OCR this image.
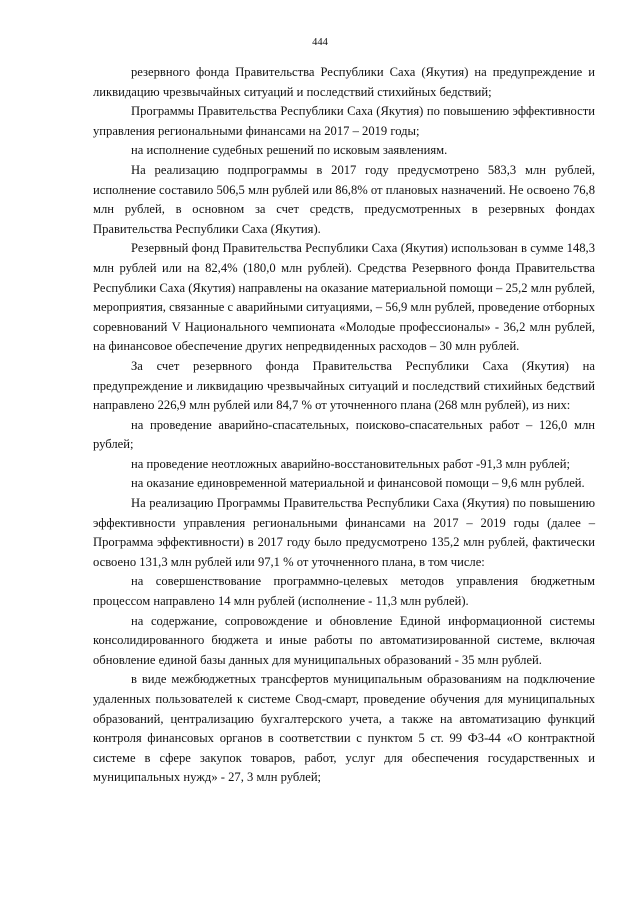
444

резервного фонда Правительства Республики Саха (Якутия) на предупреждение и ликвидацию чрезвычайных ситуаций и последствий стихийных бедствий;

Программы Правительства Республики Саха (Якутия) по повышению эффективности управления региональными финансами на 2017 – 2019 годы;

на исполнение судебных решений по исковым заявлениям.

На реализацию подпрограммы в 2017 году предусмотрено 583,3 млн рублей, исполнение составило 506,5 млн рублей или 86,8% от плановых назначений. Не освоено 76,8 млн рублей, в основном за счет средств, предусмотренных в резервных фондах Правительства Республики Саха (Якутия).

Резервный фонд Правительства Республики Саха (Якутия) использован в сумме 148,3 млн рублей или на 82,4% (180,0 млн рублей). Средства Резервного фонда Правительства Республики Саха (Якутия) направлены на оказание материальной помощи – 25,2 млн рублей, мероприятия, связанные с аварийными ситуациями, – 56,9 млн рублей, проведение отборных соревнований V Национального чемпионата «Молодые профессионалы» - 36,2 млн рублей, на финансовое обеспечение других непредвиденных расходов – 30 млн рублей.

За счет резервного фонда Правительства Республики Саха (Якутия) на предупреждение и ликвидацию чрезвычайных ситуаций и последствий стихийных бедствий направлено 226,9 млн рублей или 84,7 % от уточненного плана (268 млн рублей), из них:

на проведение аварийно-спасательных, поисково-спасательных работ – 126,0 млн рублей;

на проведение неотложных аварийно-восстановительных работ -91,3 млн рублей;

на оказание единовременной материальной и финансовой помощи – 9,6 млн рублей.

На реализацию Программы Правительства Республики Саха (Якутия) по повышению эффективности управления региональными финансами на 2017 – 2019 годы (далее – Программа эффективности) в 2017 году было предусмотрено 135,2 млн рублей, фактически освоено 131,3 млн рублей или 97,1 % от уточненного плана, в том числе:

на совершенствование программно-целевых методов управления бюджетным процессом направлено 14 млн рублей (исполнение - 11,3 млн рублей).

на содержание, сопровождение и обновление Единой информационной системы консолидированного бюджета и иные работы по автоматизированной системе, включая обновление единой базы данных для муниципальных образований - 35 млн рублей.

в виде межбюджетных трансфертов муниципальным образованиям на подключение удаленных пользователей к системе Свод-смарт, проведение обучения для муниципальных образований, централизацию бухгалтерского учета, а также на автоматизацию функций контроля финансовых органов в соответствии с пунктом 5 ст. 99 ФЗ-44 «О контрактной системе в сфере закупок товаров, работ, услуг для обеспечения государственных и муниципальных нужд» - 27, 3 млн рублей;
